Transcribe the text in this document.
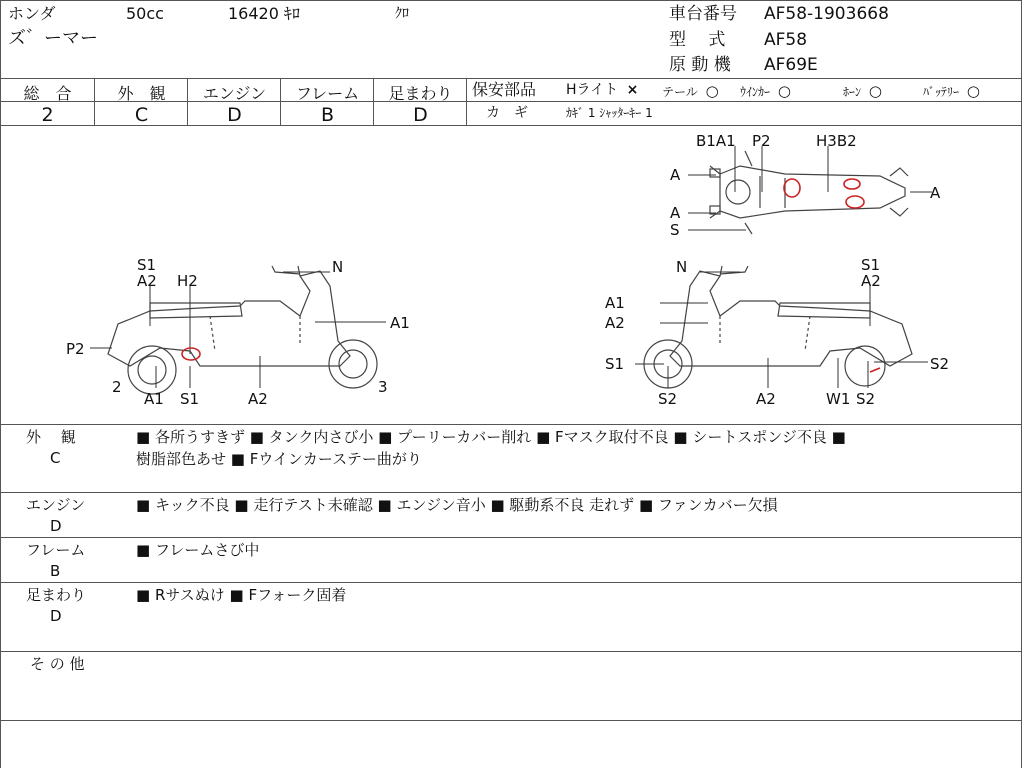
ホンダ	50cc	16420 ｷﾛ	ｸﾛ
ズ゛ーマー
車台番号 AF58-1903668
型　 式 AF58
原 動 機 AF69E
総　合	外　観	エンジン	フレーム	足まわり
2	C	D	B	D
保安部品 Hライト × テール ○ ｳｲﾝｶｰ ○	ﾎｰﾝ ○	ﾊﾞｯﾃﾘｰ ○
カ　ギ	ｶｷﾞ 1 ｼｬｯﾀｰｷｰ 1
B1A1 P2	H3B2
A
A
S
A
S1
A2 H2
N
A1
P2
2
A1 S1	A2
3
N	S1
A2
A1
A2
S1
S2	A2	W1 S2
S2
外　 観
C
■ 各所うすきず ■ タンク内さび小 ■ プーリーカバー削れ ■ Fマスク取付不良 ■ シートスポンジ不良 ■
樹脂部色あせ ■ Fウインカーステー曲がり
エンジン
D
■ キック不良 ■ 走行テスト未確認 ■ エンジン音小 ■ 駆動系不良 走れず ■ ファンカバー欠損
フレーム
B
■ フレームさび中
足まわり
D
■ Rサスぬけ ■ Fフォーク固着
そ の 他
